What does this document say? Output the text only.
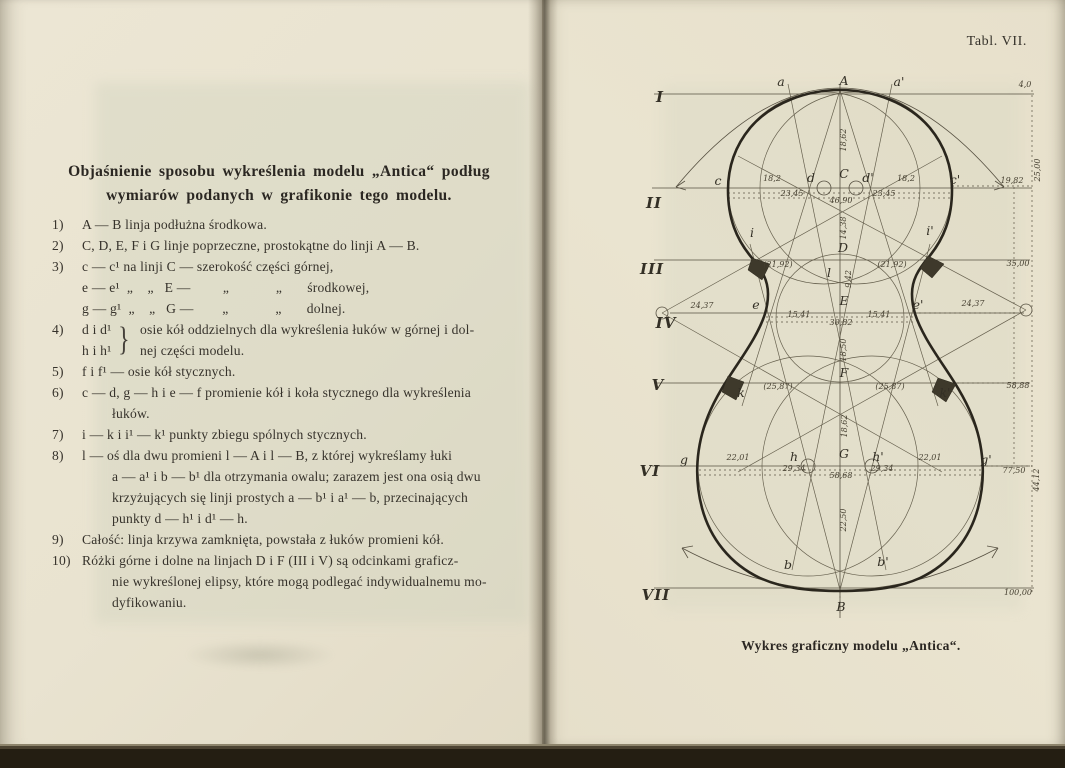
Objaśnienie sposobu wykreślenia modelu „Antica“ podług
wymiarów podanych w grafikonie tego modelu.
1)	A — B linja podłużna środkowa.
2)	C, D, E, F i G linje poprzeczne, prostokątne do linji A — B.
3)	c — c¹ na linji C — szerokość części górnej,
e — e¹  „    „   E —         „             „       środkowej,
g — g¹  „    „   G —        „             „       dolnej.
4)	d i d¹
h i h¹ } osie kół oddzielnych dla wykreślenia łuków w górnej i dol-
nej części modelu.
5)	f i f¹ — osie kół stycznych.
6)	c — d, g — h i e — f promienie kół i koła stycznego dla wykreślenia
łuków.
7)	i — k i i¹ — k¹ punkty zbiegu spólnych stycznych.
8)	l — oś dla dwu promieni l — A i l — B, z której wykreślamy łuki
a — a¹ i b — b¹ dla otrzymania owalu; zarazem jest ona osią dwu
krzyżujących się linji prostych a — b¹ i a¹ — b, przecinających
punkty d — h¹ i d¹ — h.
9)	Całość: linja krzywa zamknięta, powstała z łuków promieni kół.
10) Różki górne i dolne na linjach D i F (III i V) są odcinkami graficz-
nie wykreślonej elipsy, które mogą podlegać indywidualnemu mo-
dyfikowaniu.
Tabl. VII.
I
II
III
IV
V
VI
VII
a	A	a'
c	d C d'	c'
i	i'
D
l
e	E	e'
k
F
k'
g	h	G h'	g'
b
B
b'
4,0
18,62
25,00
19,82
18,2
23,45
46,90
23,45
18,2
14,38
(21,92)	(21,92)	35,00
9,42
24,37
15,41
30,82
15,41
24,37
18,50
(25,87)	(25,87)	58,88
18,62
22,01
29,34
58,68
29,34
22,01
77,50 44,12
22,50
100,00
Wykres graficzny modelu „Antica“.
